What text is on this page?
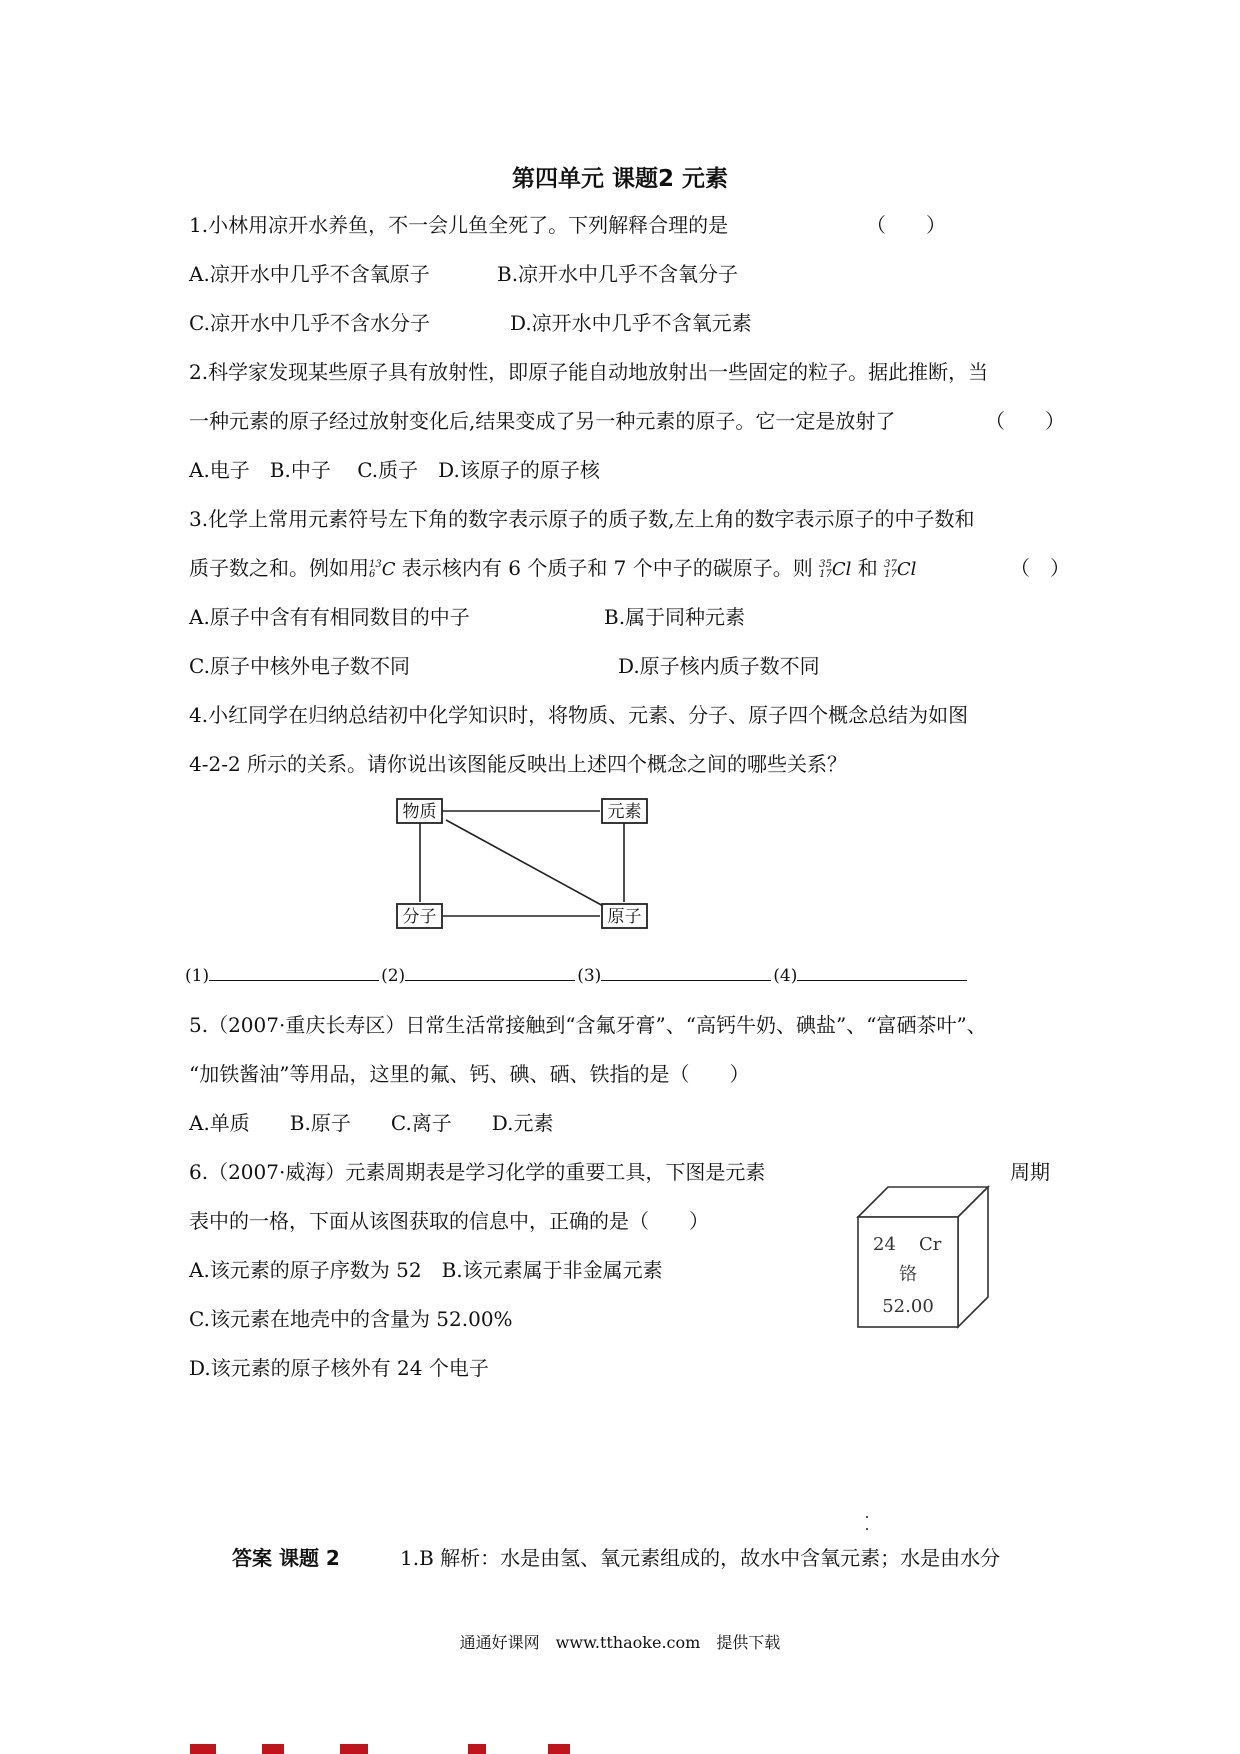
第四单元 课题2 元素
1.小林用凉开水养鱼，不一会儿鱼全死了。下列解释合理的是	（　　）
A.凉开水中几乎不含氧原子	B.凉开水中几乎不含氧分子
C.凉开水中几乎不含水分子	D.凉开水中几乎不含氧元素
2.科学家发现某些原子具有放射性，即原子能自动地放射出一些固定的粒子。据此推断，当
一种元素的原子经过放射变化后,结果变成了另一种元素的原子。它一定是放射了	（　　）
A.电子　B.中子　 C.质子　D.该原子的原子核
3.化学上常用元素符号左下角的数字表示原子的质子数,左上角的数字表示原子的中子数和
质子数之和。例如用 13
6 C 表示核内有 6 个质子和 7 个中子的碳原子。则 35
17 Cl 和 37
17 Cl	（　）
A.原子中含有有相同数目的中子	B.属于同种元素
C.原子中核外电子数不同	D.原子核内质子数不同
4.小红同学在归纳总结初中化学知识时，将物质、元素、分子、原子四个概念总结为如图
4-2-2 所示的关系。请你说出该图能反映出上述四个概念之间的哪些关系？
物质	元素
分子	原子
(1)	(2)	(3)	(4)
5.（2007·重庆长寿区）日常生活常接触到“含氟牙膏”、“高钙牛奶、碘盐”、“富硒茶叶”、
“加铁酱油”等用品，这里的氟、钙、碘、硒、铁指的是（　　）
A.单质　　B.原子　　C.离子　　D.元素
6.（2007·威海）元素周期表是学习化学的重要工具，下图是元素	周期
表中的一格，下面从该图获取的信息中，正确的是（　　）
A.该元素的原子序数为 52　B.该元素属于非金属元素
C.该元素在地壳中的含量为 52.00%
D.该元素的原子核外有 24 个电子
24 Cr
铬
52.00
答案 课题 2	1.B 解析：水是由氢、氧元素组成的，故水中含氧元素；水是由水分
通通好课网　www.tthaoke.com　提供下载
